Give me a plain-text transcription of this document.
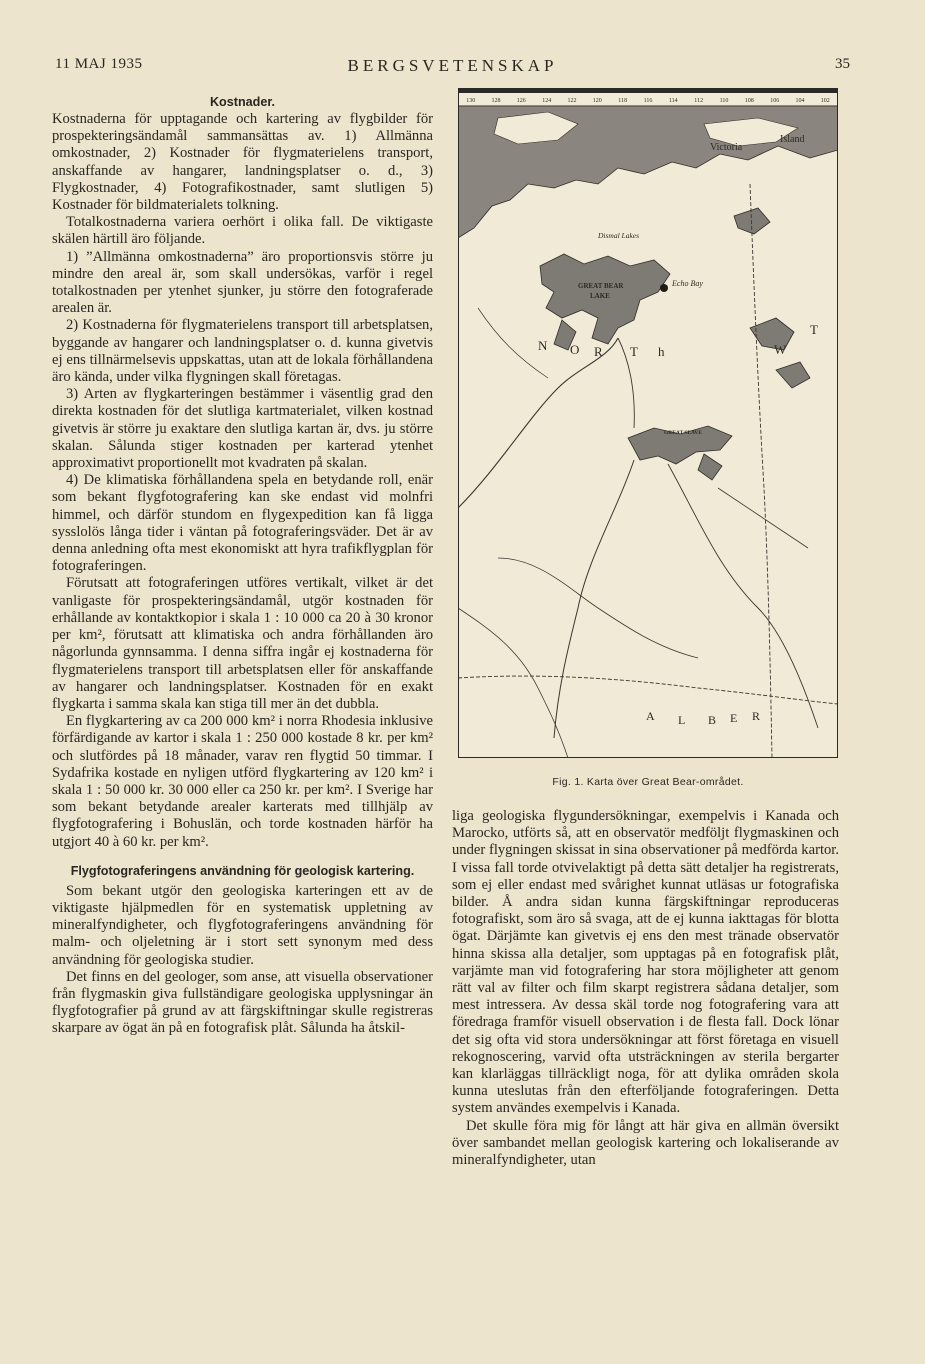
11 MAJ 1935	BERGSVETENSKAP	35
Kostnader.

Kostnaderna för upptagande och kartering av flygbilder för prospekteringsändamål sammansättas av. 1) Allmänna omkostnader, 2) Kostnader för flygmaterielens transport, anskaffande av hangarer, landningsplatser o. d., 3) Flygkostnader, 4) Fotografikostnader, samt slutligen 5) Kostnader för bildmaterialets tolkning.

Totalkostnaderna variera oerhört i olika fall. De viktigaste skälen härtill äro följande.

1) ”Allmänna omkostnaderna” äro proportionsvis större ju mindre den areal är, som skall undersökas, varför i regel totalkostnaden per ytenhet sjunker, ju större den fotograferade arealen är.

2) Kostnaderna för flygmaterielens transport till arbetsplatsen, byggande av hangarer och landningsplatser o. d. kunna givetvis ej ens tillnärmelsevis uppskattas, utan att de lokala förhållandena äro kända, under vilka flygningen skall företagas.

3) Arten av flygkarteringen bestämmer i väsentlig grad den direkta kostnaden för det slutliga kartmaterialet, vilken kostnad givetvis är större ju exaktare den slutliga kartan är, dvs. ju större skalan. Sålunda stiger kostnaden per karterad ytenhet approximativt proportionellt mot kvadraten på skalan.

4) De klimatiska förhållandena spela en betydande roll, enär som bekant flygfotografering kan ske endast vid molnfri himmel, och därför stundom en flygexpedition kan få ligga sysslolös långa tider i väntan på fotograferingsväder. Det är av denna anledning ofta mest ekonomiskt att hyra trafikflygplan för fotograferingen.

Förutsatt att fotograferingen utföres vertikalt, vilket är det vanligaste för prospekteringsändamål, utgör kostnaden för erhållande av kontaktkopior i skala 1 : 10 000 ca 20 à 30 kronor per km², förutsatt att klimatiska och andra förhållanden äro någorlunda gynnsamma. I denna siffra ingår ej kostnaderna för flygmaterielens transport till arbetsplatsen eller för anskaffande av hangarer och landningsplatser. Kostnaden för en exakt flygkarta i samma skala kan stiga till mer än det dubbla.

En flygkartering av ca 200 000 km² i norra Rhodesia inklusive förfärdigande av kartor i skala 1 : 250 000 kostade 8 kr. per km² och slutfördes på 18 månader, varav ren flygtid 50 timmar. I Sydafrika kostade en nyligen utförd flygkartering av 120 km² i skala 1 : 50 000 kr. 30 000 eller ca 250 kr. per km². I Sverige har som bekant betydande arealer karterats med tillhjälp av flygfotografering i Bohuslän, och torde kostnaden härför ha utgjort 40 à 60 kr. per km².

Flygfotograferingens användning för geologisk kartering.

Som bekant utgör den geologiska karteringen ett av de viktigaste hjälpmedlen för en systematisk uppletning av mineralfyndigheter, och flygfotograferingens användning för malm- och oljeletning är i stort sett synonym med dess användning för geologiska studier.

Det finns en del geologer, som anse, att visuella observationer från flygmaskin giva fullständigare geologiska upplysningar än flygfotografier på grund av att färgskiftningar skulle registreras skarpare av ögat än på en fotografisk plåt. Sålunda ha åtskil-

130	128	126	124	122	120	118	116	114	112	110	108	106	104	102
GREAT BEAR
LAKE
Echo Bay
GREAT SLAVE
Victoria
Island
Dismal Lakes
N O R T h	W
T
A L B E R
Fig. 1. Karta över Great Bear-området.

liga geologiska flygundersökningar, exempelvis i Kanada och Marocko, utförts så, att en observatör medföljt flygmaskinen och under flygningen skissat in sina observationer på medförda kartor. I vissa fall torde otvivelaktigt på detta sätt detaljer ha registrerats, som ej eller endast med svårighet kunnat utläsas ur fotografiska bilder. Å andra sidan kunna färgskiftningar reproduceras fotografiskt, som äro så svaga, att de ej kunna iakttagas för blotta ögat. Därjämte kan givetvis ej ens den mest tränade observatör hinna skissa alla detaljer, som upptagas på en fotografisk plåt, varjämte man vid fotografering har stora möjligheter att genom rätt val av filter och film skarpt registrera sådana detaljer, som mest intressera. Av dessa skäl torde nog fotografering vara att föredraga framför visuell observation i de flesta fall. Dock lönar det sig ofta vid stora undersökningar att först företaga en visuell rekognoscering, varvid ofta utsträckningen av sterila bergarter kan klarläggas tillräckligt noga, för att dylika områden skola kunna uteslutas från den efterföljande fotograferingen. Detta system användes exempelvis i Kanada.

Det skulle föra mig för långt att här giva en allmän översikt över sambandet mellan geologisk kartering och lokaliserande av mineralfyndigheter, utan
